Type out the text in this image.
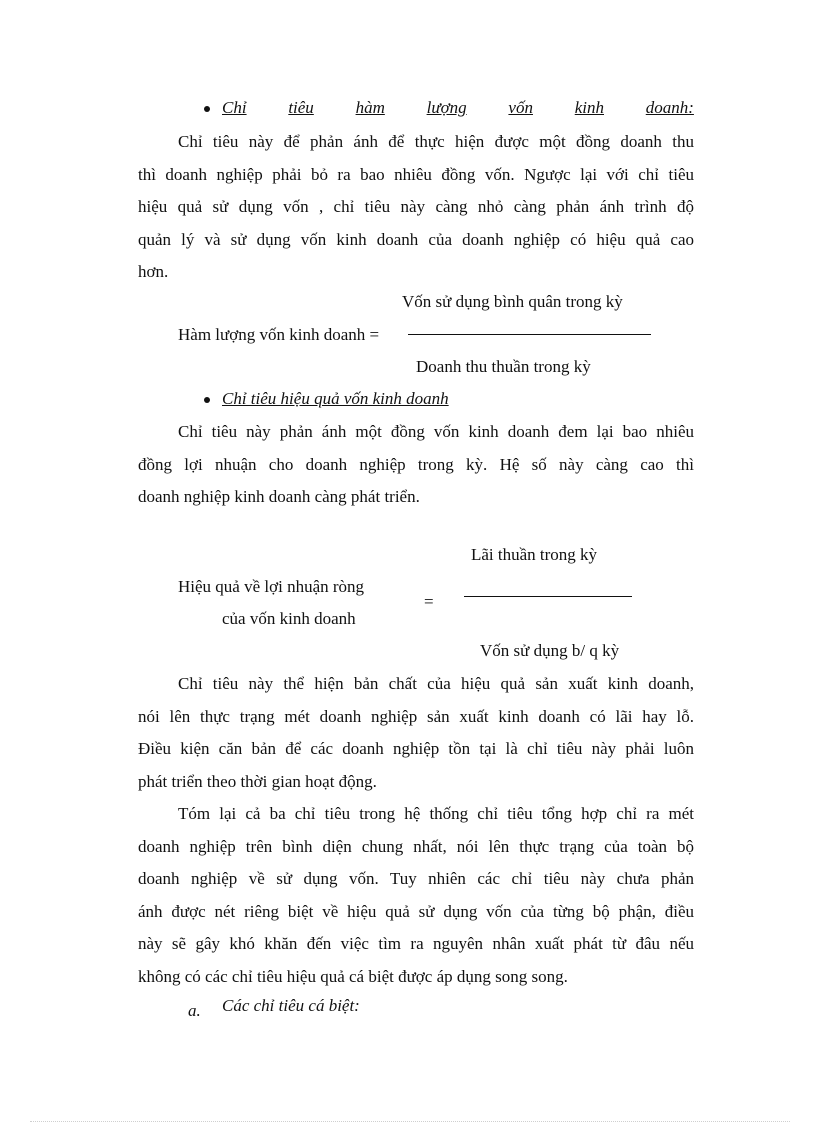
Chỉ tiêu hàm lượng vốn kinh doanh:
Chỉ tiêu này để phản ánh để thực hiện được một đồng doanh thu
thì doanh nghiệp phải bỏ ra bao nhiêu đồng vốn. Ngược lại với chỉ tiêu
hiệu quả sử dụng vốn , chỉ tiêu này càng nhỏ càng phản ánh trình độ
quản lý và sử dụng vốn kinh doanh của doanh nghiệp có hiệu quả cao
hơn.
Vốn sử dụng bình quân trong kỳ
Hàm lượng vốn kinh doanh =
Doanh thu thuần trong kỳ
Chỉ tiêu hiệu quả vốn kinh doanh
Chỉ tiêu này phản ánh một đồng vốn kinh doanh đem lại bao nhiêu
đồng lợi nhuận cho doanh nghiệp trong kỳ. Hệ số này càng cao thì
doanh nghiệp kinh doanh càng phát triển.
Lãi thuần trong kỳ
Hiệu quả về lợi nhuận ròng
=
của vốn kinh doanh
Vốn sử dụng b/ q kỳ
Chỉ tiêu này thể hiện bản chất của hiệu quả sản xuất kinh doanh,
nói lên thực trạng mét doanh nghiệp sản xuất kinh doanh có lãi hay lỗ.
Điều kiện căn bản để các doanh nghiệp tồn tại là chỉ tiêu này phải luôn
phát triển theo thời gian hoạt động.
Tóm lại cả ba chỉ tiêu trong hệ thống chỉ tiêu tổng hợp chỉ ra mét
doanh nghiệp trên bình diện chung nhất, nói lên thực trạng của toàn bộ
doanh nghiệp về sử dụng vốn. Tuy nhiên các chỉ tiêu này chưa phản
ánh được nét riêng biệt về hiệu quả sử dụng vốn của từng bộ phận, điều
này sẽ gây khó khăn đến việc tìm ra nguyên nhân xuất phát từ đâu nếu
không có các chỉ tiêu hiệu quả cá biệt được áp dụng song song.
a. Các chỉ tiêu cá biệt:
